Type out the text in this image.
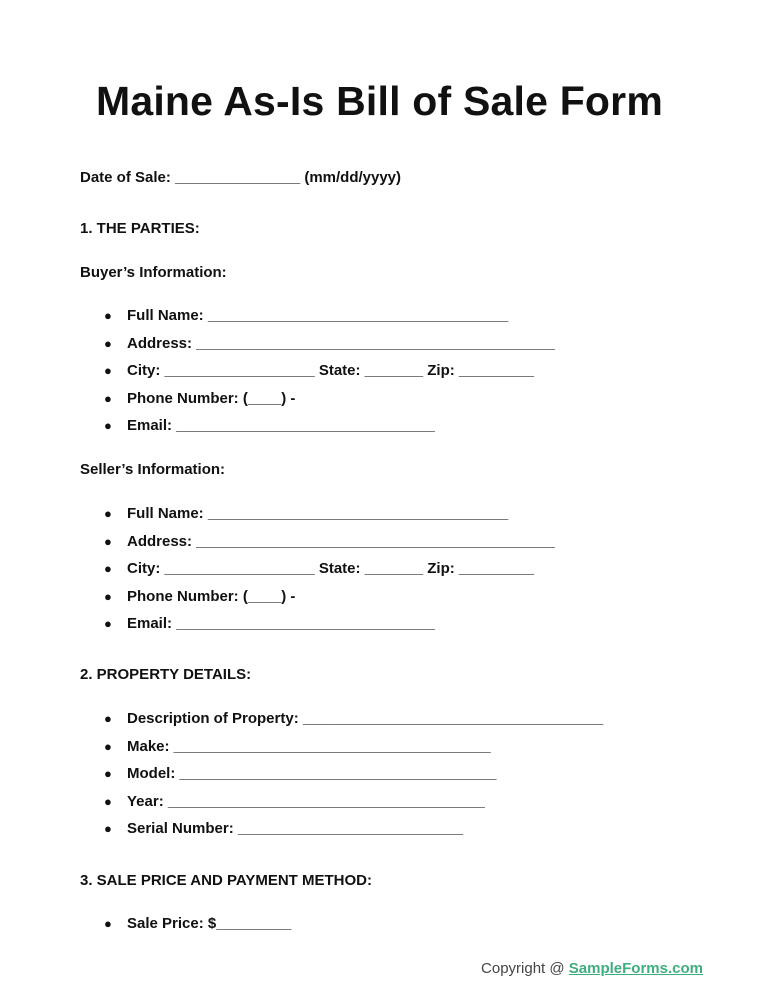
Maine As-Is Bill of Sale Form
Date of Sale: _______________ (mm/dd/yyyy)
1. THE PARTIES:
Buyer’s Information:
● Full Name: ____________________________________
● Address: ___________________________________________
● City: __________________ State: _______ Zip: _________
● Phone Number: (____) -
● Email: _______________________________
Seller’s Information:
● Full Name: ____________________________________
● Address: ___________________________________________
● City: __________________ State: _______ Zip: _________
● Phone Number: (____) -
● Email: _______________________________
2. PROPERTY DETAILS:
● Description of Property: ____________________________________
● Make: ______________________________________
● Model: ______________________________________
● Year: ______________________________________
● Serial Number: ___________________________
3. SALE PRICE AND PAYMENT METHOD:
● Sale Price: $_________
Copyright @ SampleForms.com
